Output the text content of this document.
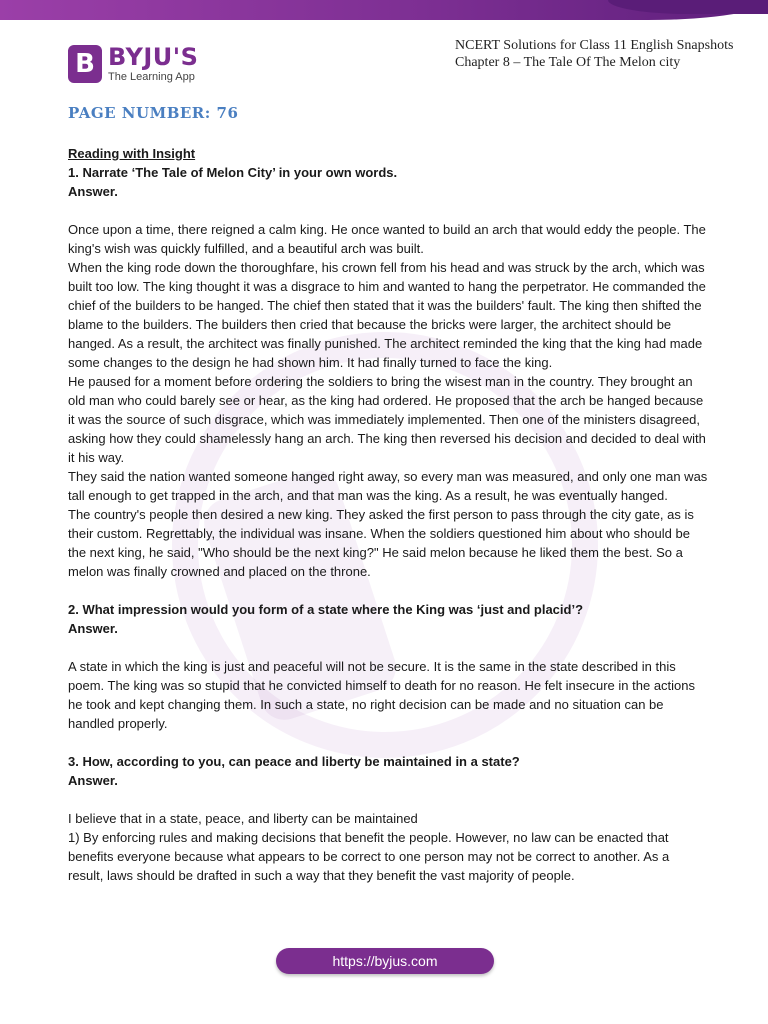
B BYJU'S
The Learning App
NCERT Solutions for Class 11 English Snapshots
Chapter 8 – The Tale Of The Melon city
PAGE NUMBER: 76

Reading with Insight

1. Narrate ‘The Tale of Melon City’ in your own words.

Answer.

Once upon a time, there reigned a calm king. He once wanted to build an arch that would eddy the people. The king's wish was quickly fulfilled, and a beautiful arch was built.

When the king rode down the thoroughfare, his crown fell from his head and was struck by the arch, which was built too low. The king thought it was a disgrace to him and wanted to hang the perpetrator. He commanded the chief of the builders to be hanged. The chief then stated that it was the builders' fault. The king then shifted the blame to the builders. The builders then cried that because the bricks were larger, the architect should be hanged. As a result, the architect was finally punished. The architect reminded the king that the king had made some changes to the design he had shown him. It had finally turned to face the king.

He paused for a moment before ordering the soldiers to bring the wisest man in the country. They brought an old man who could barely see or hear, as the king had ordered. He proposed that the arch be hanged because it was the source of such disgrace, which was immediately implemented. Then one of the ministers disagreed, asking how they could shamelessly hang an arch. The king then reversed his decision and decided to deal with it his way.

They said the nation wanted someone hanged right away, so every man was measured, and only one man was tall enough to get trapped in the arch, and that man was the king. As a result, he was eventually hanged.

The country's people then desired a new king. They asked the first person to pass through the city gate, as is their custom. Regrettably, the individual was insane. When the soldiers questioned him about who should be the next king, he said, "Who should be the next king?" He said melon because he liked them the best. So a melon was finally crowned and placed on the throne.

2. What impression would you form of a state where the King was ‘just and placid’?

Answer.

A state in which the king is just and peaceful will not be secure. It is the same in the state described in this poem. The king was so stupid that he convicted himself to death for no reason. He felt insecure in the actions he took and kept changing them. In such a state, no right decision can be made and no situation can be handled properly.

3. How, according to you, can peace and liberty be maintained in a state?

Answer.

I believe that in a state, peace, and liberty can be maintained

1) By enforcing rules and making decisions that benefit the people. However, no law can be enacted that benefits everyone because what appears to be correct to one person may not be correct to another. As a result, laws should be drafted in such a way that they benefit the vast majority of people.

https://byjus.com
